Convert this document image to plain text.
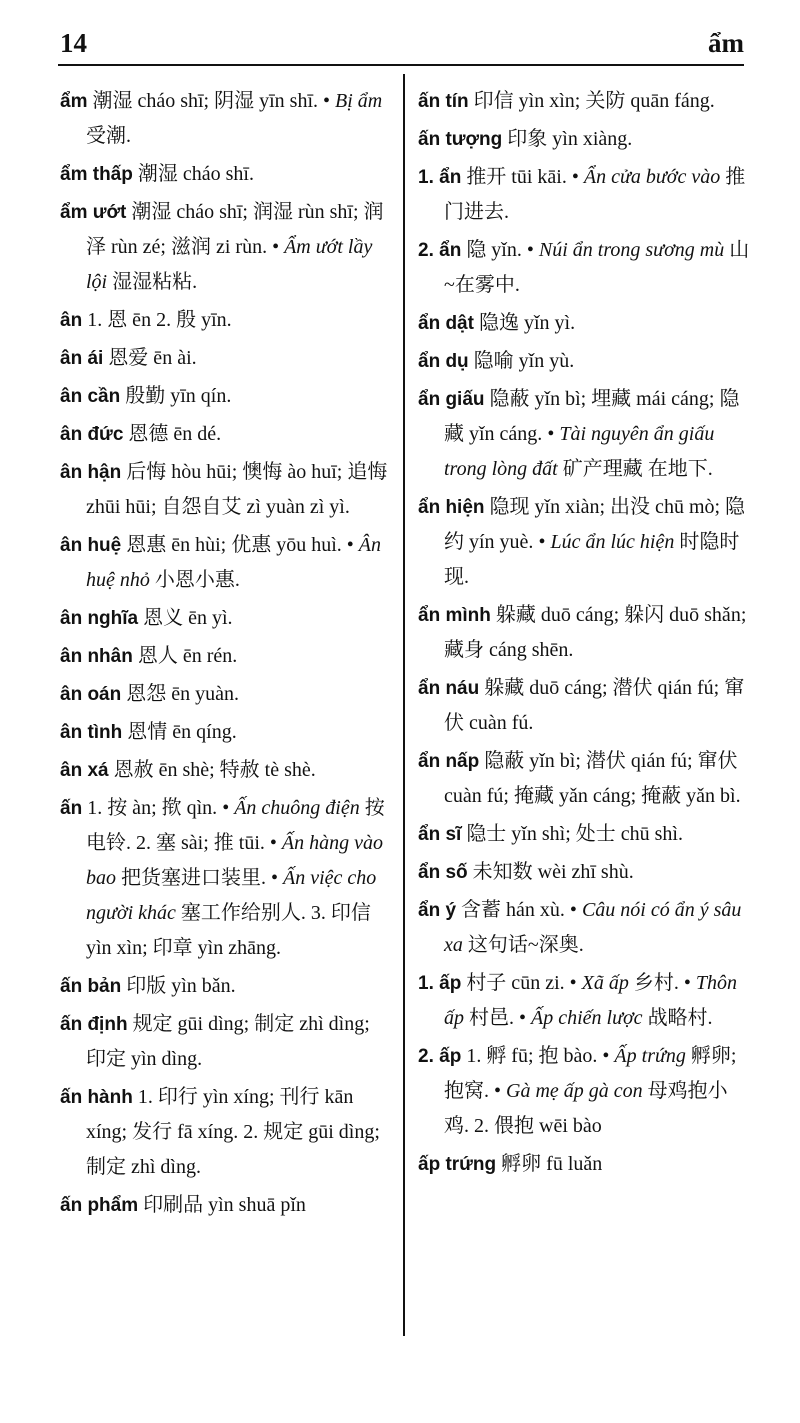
14	ẩm
ẩm 潮湿 cháo shī; 阴湿 yīn shī. • Bị ẩm 受潮.
ẩm thấp 潮湿 cháo shī.
ẩm ướt 潮湿 cháo shī; 润湿 rùn shī; 润泽 rùn zé; 滋润 zi rùn. • Ẩm ướt lầy lội 湿湿粘粘.
ân 1. 恩 ēn 2. 殷 yīn.
ân ái 恩爱 ēn ài.
ân cần 殷勤 yīn qín.
ân đức 恩德 ēn dé.
ân hận 后悔 hòu hūi; 懊悔 ào huī; 追悔 zhūi hūi; 自怨自艾 zì yuàn zì yì.
ân huệ 恩惠 ēn hùi; 优惠 yōu huì. • Ân huệ nhỏ 小恩小惠.
ân nghĩa 恩义 ēn yì.
ân nhân 恩人 ēn rén.
ân oán 恩怨 ēn yuàn.
ân tình 恩情 ēn qíng.
ân xá 恩赦 ēn shè; 特赦 tè shè.
ấn 1. 按 àn; 揿 qìn. • Ấn chuông điện 按电铃. 2. 塞 sài; 推 tūi. • Ấn hàng vào bao 把货塞进口装里. • Ấn việc cho người khác 塞工作给别人. 3. 印信 yìn xìn; 印章 yìn zhāng.
ấn bản 印版 yìn bǎn.
ấn định 规定 gūi dìng; 制定 zhì dìng; 印定 yìn dìng.
ấn hành 1. 印行 yìn xíng; 刊行 kān xíng; 发行 fā xíng. 2. 规定 gūi dìng; 制定 zhì dìng.
ấn phẩm 印刷品 yìn shuā pǐn
ấn tín 印信 yìn xìn; 关防 quān fáng.
ấn tượng 印象 yìn xiàng.
1. ẩn 推开 tūi kāi. • Ẩn cửa bước vào 推门进去.
2. ẩn 隐 yǐn. • Núi ẩn trong sương mù 山~在雾中.
ẩn dật 隐逸 yǐn yì.
ẩn dụ 隐喻 yǐn yù.
ẩn giấu 隐蔽 yǐn bì; 埋藏 mái cáng; 隐藏 yǐn cáng. • Tài nguyên ẩn giấu trong lòng đất 矿产理藏 在地下.
ẩn hiện 隐现 yǐn xiàn; 出没 chū mò; 隐约 yín yuè. • Lúc ẩn lúc hiện 时隐时现.
ẩn mình 躲藏 duō cáng; 躲闪 duō shǎn; 藏身 cáng shēn.
ẩn náu 躲藏 duō cáng; 潜伏 qián fú; 窜伏 cuàn fú.
ẩn nấp 隐蔽 yǐn bì; 潜伏 qián fú; 窜伏 cuàn fú; 掩藏 yǎn cáng; 掩蔽 yǎn bì.
ẩn sĩ 隐士 yǐn shì; 处士 chū shì.
ẩn số 未知数 wèi zhī shù.
ẩn ý 含蓄 hán xù. • Câu nói có ẩn ý sâu xa 这句话~深奥.
1. ấp 村子 cūn zi. • Xã ấp 乡村. • Thôn ấp 村邑. • Ấp chiến lược 战略村.
2. ấp 1. 孵 fū; 抱 bào. • Ấp trứng 孵卵; 抱窝. • Gà mẹ ấp gà con 母鸡抱小鸡. 2. 偎抱 wēi bào
ấp trứng 孵卵 fū luǎn
